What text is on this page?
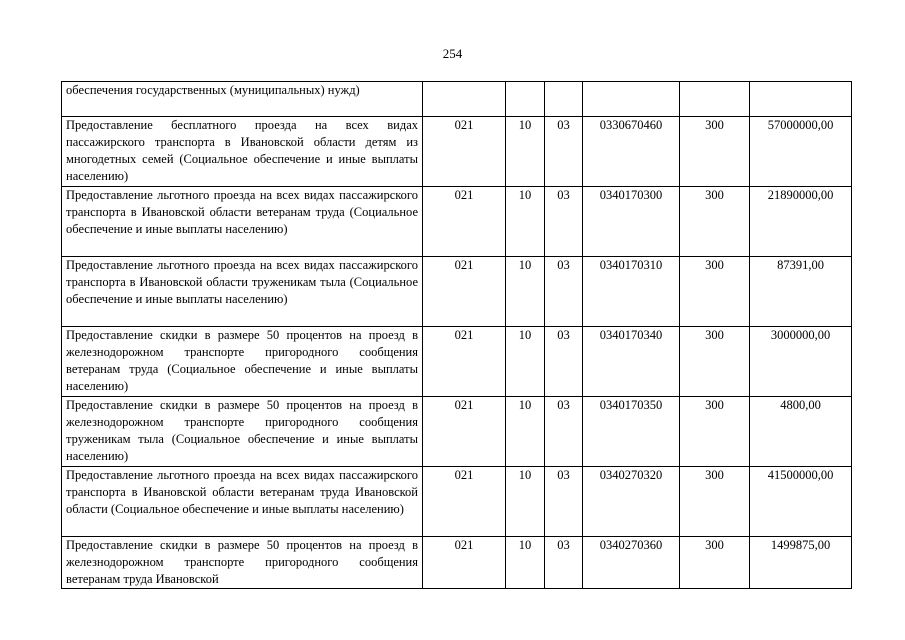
254
обеспечения государственных (муниципальных) нужд)						
Предоставление бесплатного проезда на всех видах пассажирского транспорта в Ивановской области детям из многодетных семей (Социальное обеспечение и иные выплаты населению)	021	10	03	0330670460	300	57000000,00
Предоставление льготного проезда на всех видах пассажирского транспорта в Ивановской области ветеранам труда (Социальное обеспечение и иные выплаты населению)	021	10	03	0340170300	300	21890000,00
Предоставление льготного проезда на всех видах пассажирского транспорта в Ивановской области труженикам тыла (Социальное обеспечение и иные выплаты населению)	021	10	03	0340170310	300	87391,00
Предоставление скидки в размере 50 процентов на проезд в железнодорожном транспорте пригородного сообщения ветеранам труда (Социальное обеспечение и иные выплаты населению)	021	10	03	0340170340	300	3000000,00
Предоставление скидки в размере 50 процентов на проезд в железнодорожном транспорте пригородного сообщения труженикам тыла (Социальное обеспечение и иные выплаты населению)	021	10	03	0340170350	300	4800,00
Предоставление льготного проезда на всех видах пассажирского транспорта в Ивановской области ветеранам труда Ивановской области (Социальное обеспечение и иные выплаты населению)	021	10	03	0340270320	300	41500000,00
Предоставление скидки в размере 50 процентов на проезд в железнодорожном транспорте пригородного сообщения ветеранам труда Ивановской	021	10	03	0340270360	300	1499875,00
